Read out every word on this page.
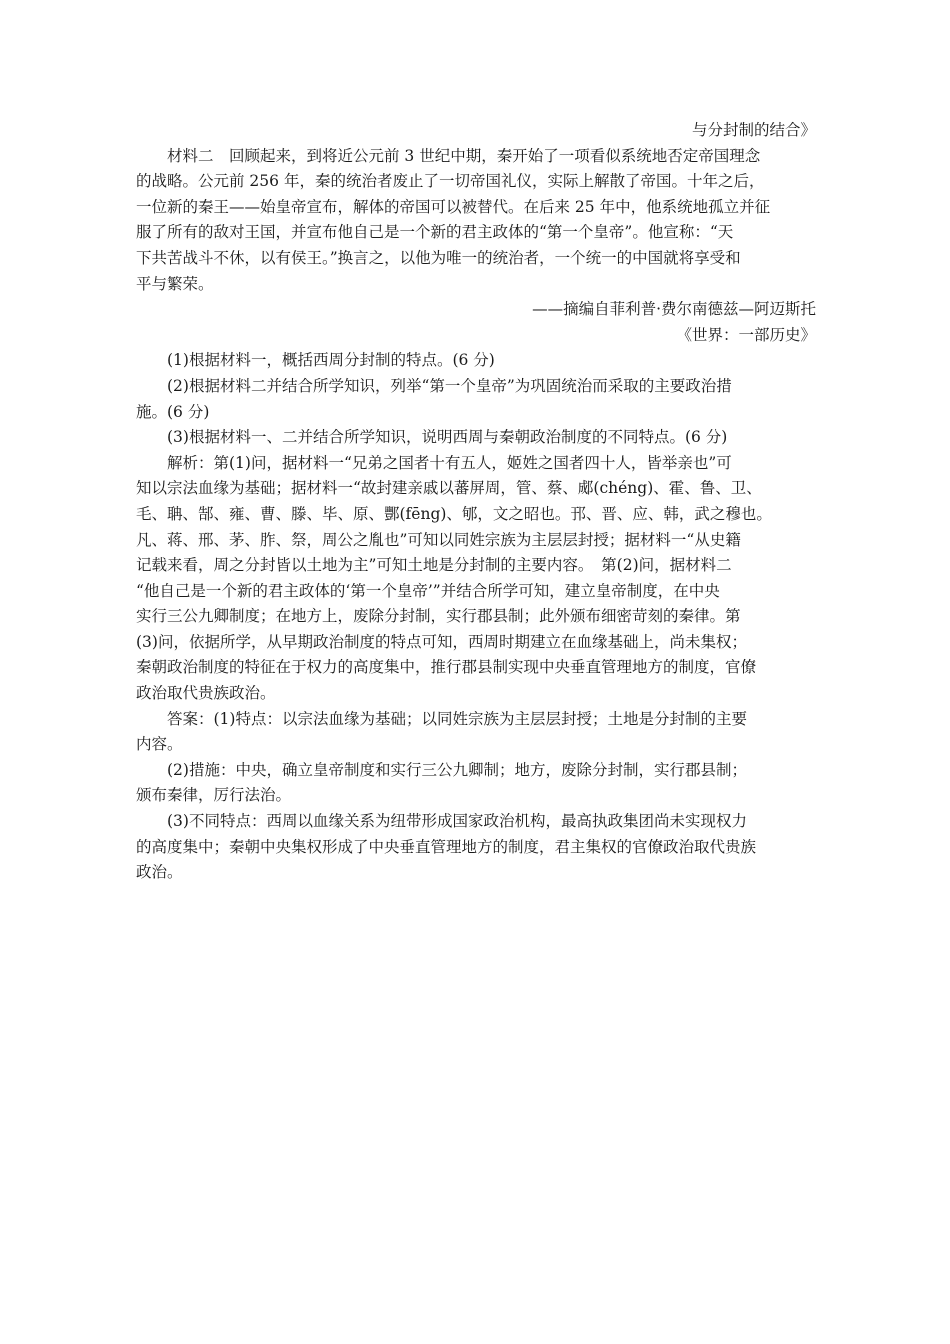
与分封制的结合》
材料二　回顾起来，到将近公元前 3 世纪中期，秦开始了一项看似系统地否定帝国理念
的战略。公元前 256 年，秦的统治者废止了一切帝国礼仪，实际上解散了帝国。十年之后，
一位新的秦王——始皇帝宣布，解体的帝国可以被替代。在后来 25 年中，他系统地孤立并征
服了所有的敌对王国，并宣布他自己是一个新的君主政体的“第一个皇帝”。他宣称：“天
下共苦战斗不休，以有侯王。”换言之，以他为唯一的统治者，一个统一的中国就将享受和
平与繁荣。
——摘编自菲利普·费尔南德兹—阿迈斯托
《世界：一部历史》
(1)根据材料一，概括西周分封制的特点。(6 分)
(2)根据材料二并结合所学知识，列举“第一个皇帝”为巩固统治而采取的主要政治措
施。(6 分)
(3)根据材料一、二并结合所学知识，说明西周与秦朝政治制度的不同特点。(6 分)
解析：第(1)问，据材料一“兄弟之国者十有五人，姬姓之国者四十人，皆举亲也”可
知以宗法血缘为基础；据材料一“故封建亲戚以蕃屏周，管、蔡、郕(chéng)、霍、鲁、卫、
毛、聃、郜、雍、曹、滕、毕、原、酆(fēng)、郇，文之昭也。邘、晋、应、韩，武之穆也。
凡、蒋、邢、茅、胙、祭，周公之胤也”可知以同姓宗族为主层层封授；据材料一“从史籍
记载来看，周之分封皆以土地为主”可知土地是分封制的主要内容。　第(2)问，据材料二
“他自己是一个新的君主政体的‘第一个皇帝’”并结合所学可知，建立皇帝制度，在中央
实行三公九卿制度；在地方上，废除分封制，实行郡县制；此外颁布细密苛刻的秦律。第
(3)问，依据所学，从早期政治制度的特点可知，西周时期建立在血缘基础上，尚未集权；
秦朝政治制度的特征在于权力的高度集中，推行郡县制实现中央垂直管理地方的制度，官僚
政治取代贵族政治。
答案：(1)特点：以宗法血缘为基础；以同姓宗族为主层层封授；土地是分封制的主要
内容。
(2)措施：中央，确立皇帝制度和实行三公九卿制；地方，废除分封制，实行郡县制；
颁布秦律，厉行法治。
(3)不同特点：西周以血缘关系为纽带形成国家政治机构，最高执政集团尚未实现权力
的高度集中；秦朝中央集权形成了中央垂直管理地方的制度，君主集权的官僚政治取代贵族
政治。
